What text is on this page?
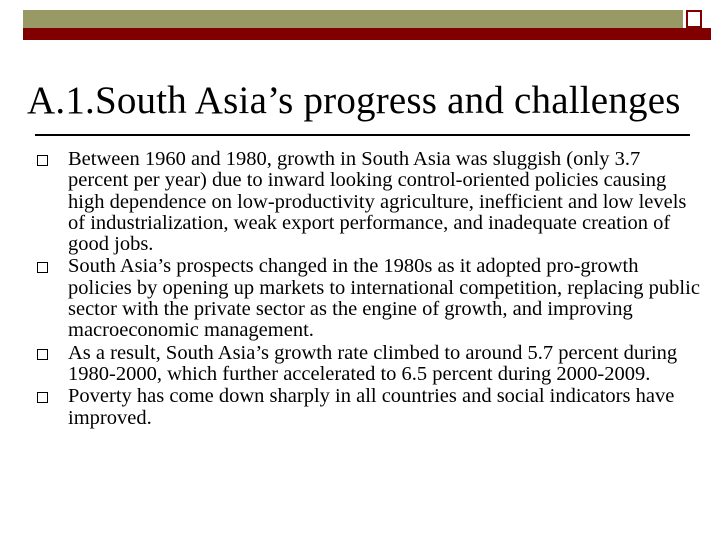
A.1.South Asia’s progress and challenges
Between 1960 and 1980, growth in South Asia was sluggish (only 3.7 percent per year) due to inward looking control-oriented policies causing high dependence on low-productivity agriculture, inefficient and low levels of industrialization, weak export performance, and inadequate creation of good jobs.
South Asia’s prospects changed in the 1980s as it adopted pro-growth policies by opening up markets to international competition, replacing public sector with the private sector as the engine of growth, and improving macroeconomic management.
As a result, South Asia’s growth rate climbed to around 5.7 percent during 1980-2000, which further accelerated to 6.5 percent during 2000-2009.
Poverty has come down sharply in all countries and social indicators have improved.
